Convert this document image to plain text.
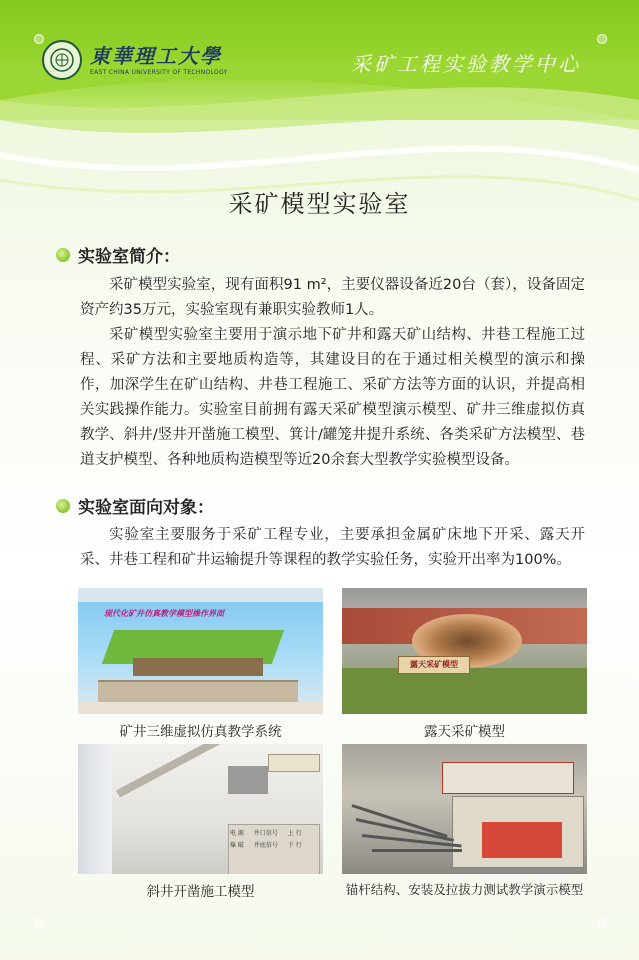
東華理工大學
EAST CHINA UNIVERSITY OF TECHNOLOGY	采矿工程实验教学中心
采矿模型实验室
实验室简介：
采矿模型实验室，现有面积91 m²，主要仪器设备近20台（套），设备固定资产约35万元，实验室现有兼职实验教师1人。
采矿模型实验室主要用于演示地下矿井和露天矿山结构、井巷工程施工过程、采矿方法和主要地质构造等，其建设目的在于通过相关模型的演示和操作，加深学生在矿山结构、井巷工程施工、采矿方法等方面的认识，并提高相关实践操作能力。实验室目前拥有露天采矿模型演示模型、矿井三维虚拟仿真教学、斜井/竖井开凿施工模型、箕计/罐笼井提升系统、各类采矿方法模型、巷道支护模型、各种地质构造模型等近20余套大型教学实验模型设备。
实验室面向对象：
实验室主要服务于采矿工程专业，主要承担金属矿床地下开采、露天开采、井巷工程和矿井运输提升等课程的教学实验任务，实验开出率为100%。
现代化矿井仿真教学模型操作界面
矿井三维虚拟仿真教学系统
露天采矿模型
露天采矿模型
电 源 井口信号 上 行
爆 破 井底信号 下 行
斜井开凿施工模型	锚杆结构、安装及拉拔力测试教学演示模型
